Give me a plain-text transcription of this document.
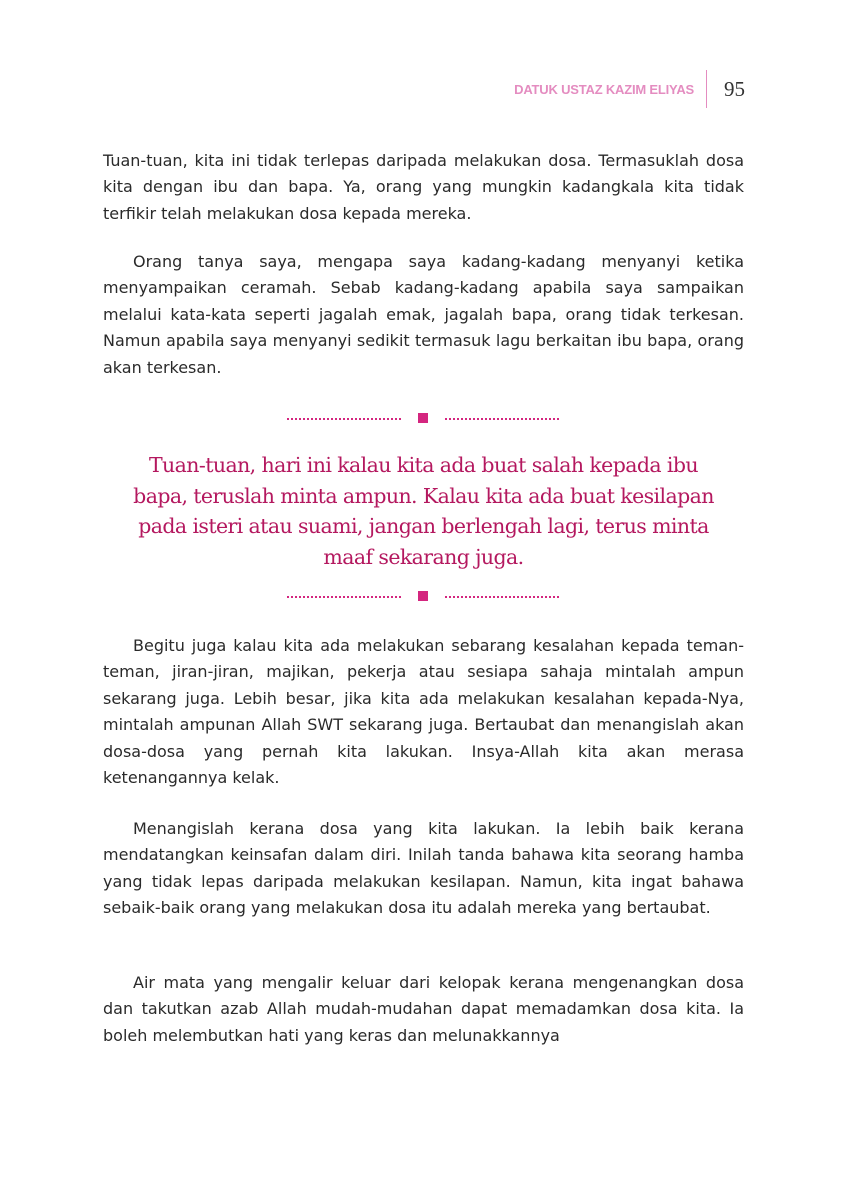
DATUK USTAZ KAZIM ELIYAS 95

Tuan-tuan, kita ini tidak terlepas daripada melakukan dosa. Termasuklah dosa kita dengan ibu dan bapa. Ya, orang yang mungkin kadangkala kita tidak terfikir telah melakukan dosa kepada mereka.

Orang tanya saya, mengapa saya kadang-kadang menyanyi ketika menyampaikan ceramah. Sebab kadang-kadang apabila saya sampaikan melalui kata-kata seperti jagalah emak, jagalah bapa, orang tidak terkesan. Namun apabila saya menyanyi sedikit termasuk lagu berkaitan ibu bapa, orang akan terkesan.

Tuan-tuan, hari ini kalau kita ada buat salah kepada ibu bapa, teruslah minta ampun. Kalau kita ada buat kesilapan pada isteri atau suami, jangan berlengah lagi, terus minta maaf sekarang juga.

Begitu juga kalau kita ada melakukan sebarang kesalahan kepada teman-teman, jiran-jiran, majikan, pekerja atau sesiapa sahaja mintalah ampun sekarang juga. Lebih besar, jika kita ada melakukan kesalahan kepada-Nya, mintalah ampunan Allah SWT sekarang juga. Bertaubat dan menangislah akan dosa-dosa yang pernah kita lakukan. Insya-Allah kita akan merasa ketenangannya kelak.

Menangislah kerana dosa yang kita lakukan. Ia lebih baik kerana mendatangkan keinsafan dalam diri. Inilah tanda bahawa kita seorang hamba yang tidak lepas daripada melakukan kesilapan. Namun, kita ingat bahawa sebaik-baik orang yang melakukan dosa itu adalah mereka yang bertaubat.

Air mata yang mengalir keluar dari kelopak kerana mengenangkan dosa dan takutkan azab Allah mudah-mudahan dapat memadamkan dosa kita. Ia boleh melembutkan hati yang keras dan melunakkannya
